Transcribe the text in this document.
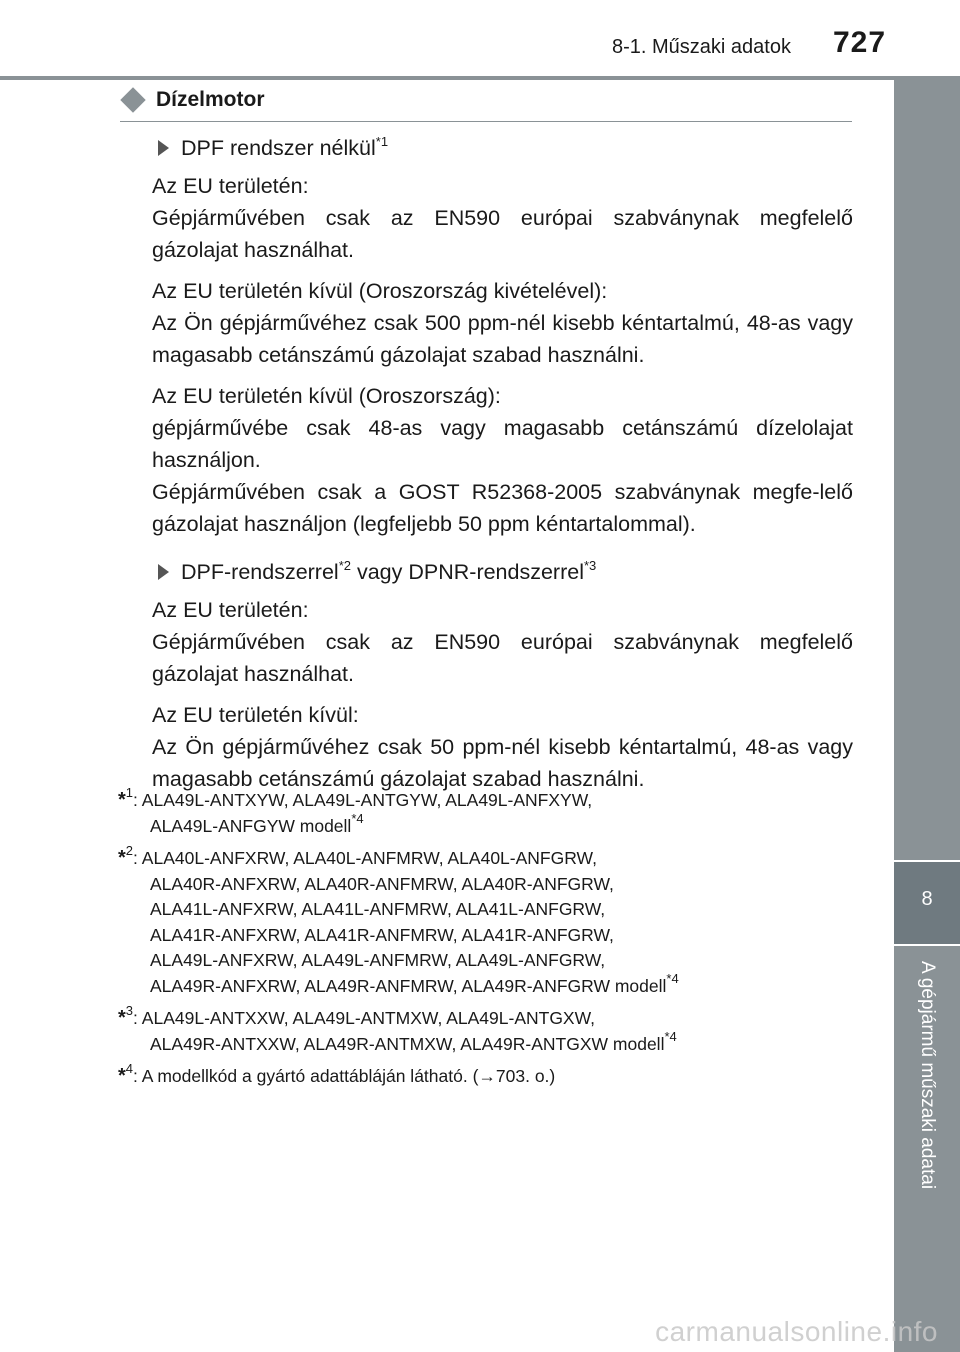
8-1. Műszaki adatok 727
8
A gépjármű műszaki adatai
Dízelmotor
DPF rendszer nélkül$^{*1}$
Az EU területén:
Gépjárművében csak az EN590 európai szabványnak megfelelő gázolajat használhat.
Az EU területén kívül (Oroszország kivételével):
Az Ön gépjárművéhez csak 500 ppm-nél kisebb kéntartalmú, 48-as vagy magasabb cetánszámú gázolajat szabad használni.
Az EU területén kívül (Oroszország):
gépjárművébe csak 48-as vagy magasabb cetánszámú dízelolajat használjon.
Gépjárművében csak a GOST R52368-2005 szabványnak megfe-lelő gázolajat használjon (legfeljebb 50 ppm kéntartalommal).
DPF-rendszerrel$^{*2}$ vagy DPNR-rendszerrel$^{*3}$
Az EU területén:
Gépjárművében csak az EN590 európai szabványnak megfelelő gázolajat használhat.
Az EU területén kívül:
Az Ön gépjárművéhez csak 50 ppm-nél kisebb kéntartalmú, 48-as vagy magasabb cetánszámú gázolajat szabad használni.
*$^1$: ALA49L-ANTXYW, ALA49L-ANTGYW, ALA49L-ANFXYW,
ALA49L-ANFGYW modell$^{*4}$
*$^2$: ALA40L-ANFXRW, ALA40L-ANFMRW, ALA40L-ANFGRW,
ALA40R-ANFXRW, ALA40R-ANFMRW, ALA40R-ANFGRW,
ALA41L-ANFXRW, ALA41L-ANFMRW, ALA41L-ANFGRW,
ALA41R-ANFXRW, ALA41R-ANFMRW, ALA41R-ANFGRW,
ALA49L-ANFXRW, ALA49L-ANFMRW, ALA49L-ANFGRW,
ALA49R-ANFXRW, ALA49R-ANFMRW, ALA49R-ANFGRW modell$^{*4}$
*$^3$: ALA49L-ANTXXW, ALA49L-ANTMXW, ALA49L-ANTGXW,
ALA49R-ANTXXW, ALA49R-ANTMXW, ALA49R-ANTGXW modell$^{*4}$
*$^4$: A modellkód a gyártó adattábláján látható. (→703. o.)
carmanualsonline.info
